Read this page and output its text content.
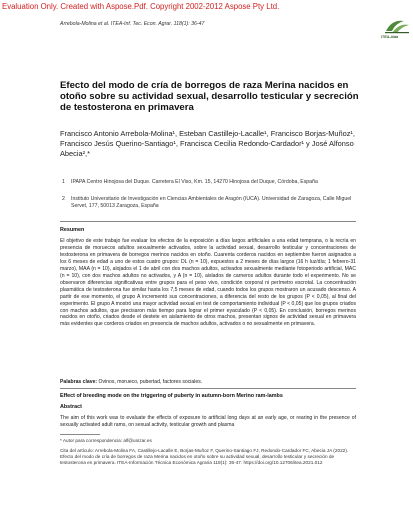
Evaluation Only. Created with Aspose.Pdf. Copyright 2002-2012 Aspose Pty Ltd.
Arrebola-Molina et al. ITEA-Inf. Tec. Econ. Agrar. 118(1): 36-47
ITEA-Aida
Efecto del modo de cría de borregos de raza Merina nacidos en otoño sobre su actividad sexual, desarrollo testicular y secreción de testosterona en primavera
Francisco Antonio Arrebola-Molina¹, Esteban Castillejo-Lacalle¹, Francisco Borjas-Muñoz¹, Francisco Jesús Querino-Santiago¹, Francisca Cecilia Redondo-Cardador¹ y José Alfonso Abecia²,*
1 IPAPA Centro Hinojosa del Duque. Carretera El Viso, Km. 15, 14270 Hinojosa del Duque, Córdoba, España
2 Instituto Universitario de Investigación en Ciencias Ambientales de Aragón (IUCA). Universidad de Zaragoza, Calle Miguel Servet, 177, 50013 Zaragoza, España
Resumen
El objetivo de este trabajo fue evaluar los efectos de la exposición a días largos artificiales a una edad temprana, o la recría en presencia de moruecos adultos sexualmente activados, sobre la actividad sexual, desarrollo testicular y concentraciones de testosterona en primavera de borregos merinos nacidos en otoño. Cuarenta corderos nacidos en septiembre fueron asignados a los 6 meses de edad a uno de estos cuatro grupos: DL (n = 10), expuestos a 2 meses de días largos (16 h luz/día; 1 febrero-31 marzo), MAA (n = 10), alojados el 1 de abril con dos machos adultos, activados sexualmente mediante fotoperiodo artificial, MAC (n = 10), con dos machos adultos no activados, y A (n = 10), aislados de carneros adultos durante todo el experimento. No se observaron diferencias significativas entre grupos para el peso vivo, condición corporal ni perímetro escrotal. La concentración plasmática de testosterona fue similar hasta los 7,5 meses de edad, cuando todos los grupos mostraron un acusado descenso. A partir de ese momento, el grupo A incrementó sus concentraciones, a diferencia del resto de los grupos (P < 0,05), al final del experimento. El grupo A mostró una mayor actividad sexual en test de comportamiento individual (P < 0,05) que los grupos criados con machos adultos, que precisaron más tiempo para lograr el primer eyaculado (P < 0,05). En conclusión, borregos merinos nacidos en otoño, criados desde el destete en aislamiento de otros machos, presentan signos de actividad sexual en primavera más evidentes que corderos criados en presencia de machos adultos, activados o no sexualmente en primavera.
Palabras clave: Ovinos, morueco, pubertad, factores sociales.
Effect of breeding mode on the triggering of puberty in autumn-born Merino ram-lambs
Abstract
The aim of this work was to evaluate the effects of exposure to artificial long days at an early age, or rearing in the presence of sexually activated adult rams, on sexual activity, testicular growth and plasma
* Autor para correspondencia: alf@unizar.es
Cita del artículo: Arrebola-Molina FA, Castillejo-Lacalle E, Borjas-Muñoz F, Querino-Santiago FJ, Redondo-Cardador FC, Abecia JA (2022). Efecto del modo de cría de borregos de raza Merina nacidos en otoño sobre su actividad sexual, desarrollo testicular y secreción de testosterona en primavera. ITEA-Información Técnica Económica Agraria 118(1): 36-47. https://doi.org/10.12706/itea.2021.012
